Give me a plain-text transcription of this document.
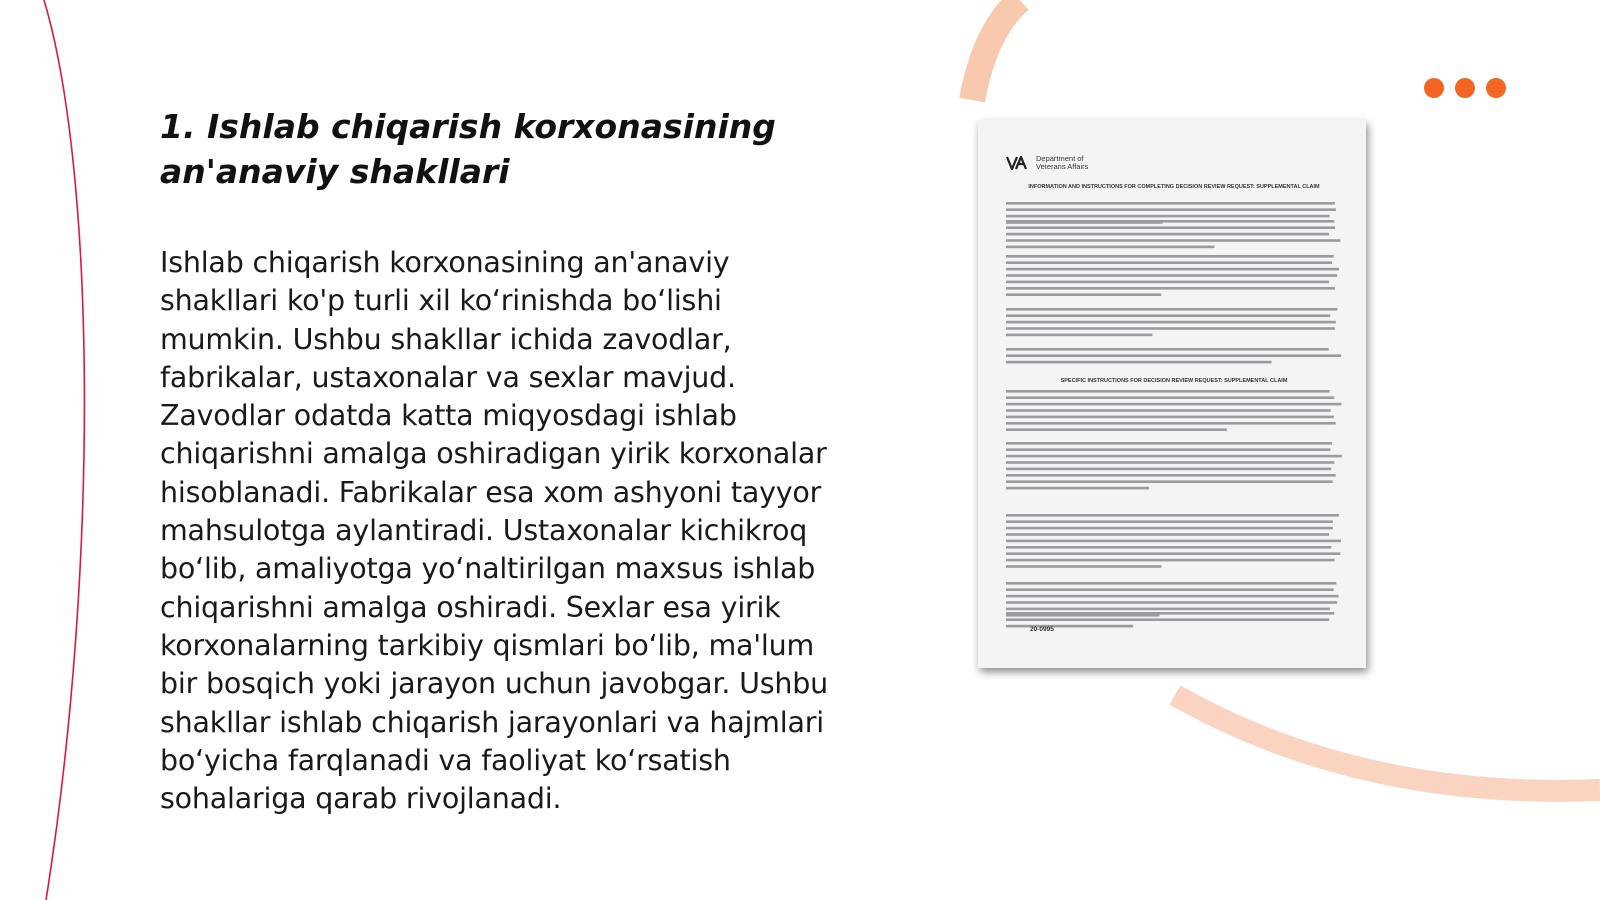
1. Ishlab chiqarish korxonasining an'anaviy shakllari

Ishlab chiqarish korxonasining an'anaviy shakllari ko'p turli xil ko‘rinishda bo‘lishi mumkin. Ushbu shakllar ichida zavodlar, fabrikalar, ustaxonalar va sexlar mavjud. Zavodlar odatda katta miqyosdagi ishlab chiqarishni amalga oshiradigan yirik korxonalar hisoblanadi. Fabrikalar esa xom ashyoni tayyor mahsulotga aylantiradi. Ustaxonalar kichikroq bo‘lib, amaliyotga yo‘naltirilgan maxsus ishlab chiqarishni amalga oshiradi. Sexlar esa yirik korxonalarning tarkibiy qismlari bo‘lib, ma'lum bir bosqich yoki jarayon uchun javobgar. Ushbu shakllar ishlab chiqarish jarayonlari va hajmlari bo‘yicha farqlanadi va faoliyat ko‘rsatish sohalariga qarab rivojlanadi.

Department of
Veterans Affairs
INFORMATION AND INSTRUCTIONS FOR COMPLETING DECISION REVIEW REQUEST: SUPPLEMENTAL CLAIM
SPECIFIC INSTRUCTIONS FOR DECISION REVIEW REQUEST: SUPPLEMENTAL CLAIM
20-0995
